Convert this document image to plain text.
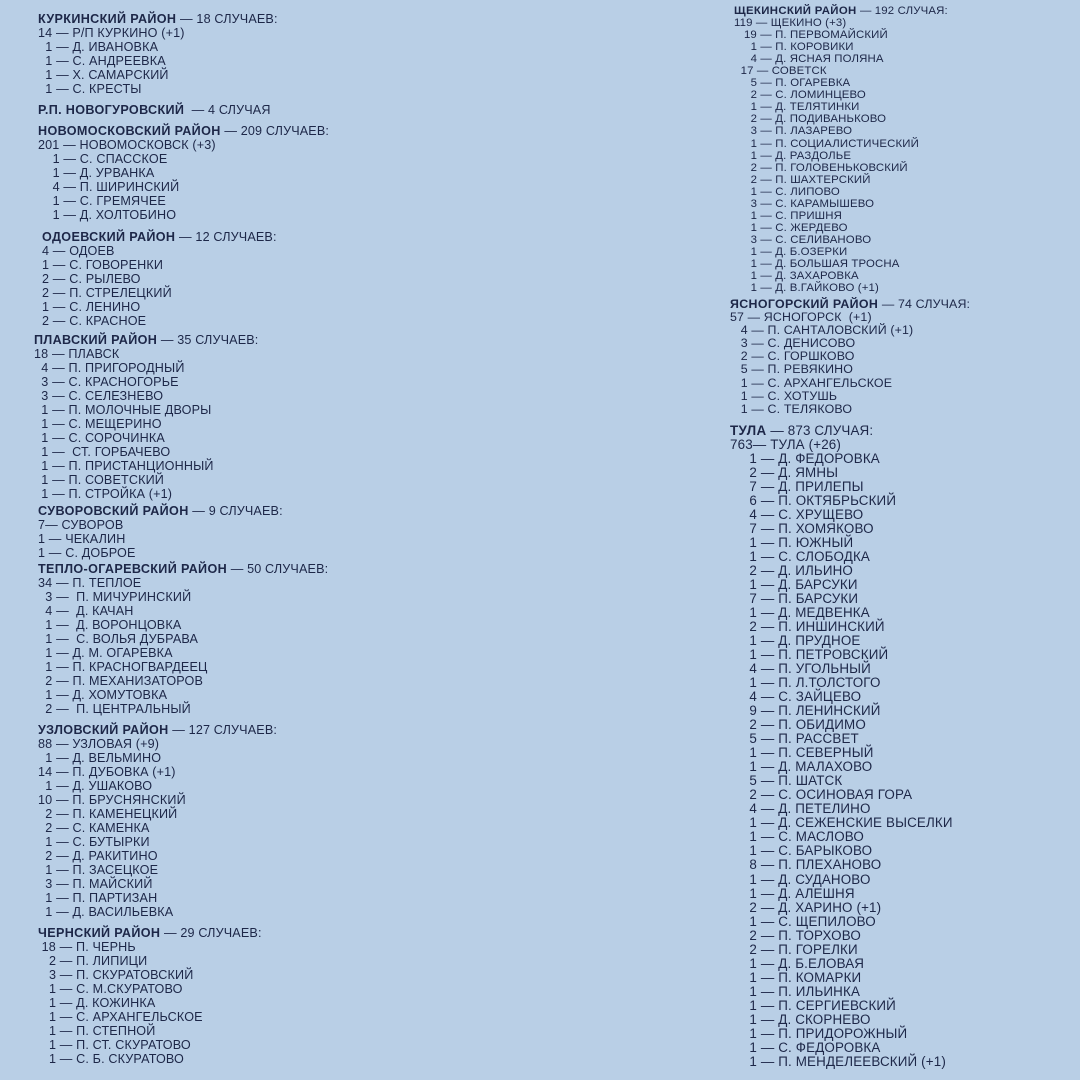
КУРКИНСКИЙ РАЙОН — 18 СЛУЧАЕВ:
14 — Р/П КУРКИНО (+1)
1 — Д. ИВАНОВКА
1 — С. АНДРЕЕВКА
1 — Х. САМАРСКИЙ
1 — С. КРЕСТЫ
Р.П. НОВОГУРОВСКИЙ  — 4 СЛУЧАЯ
НОВОМОСКОВСКИЙ РАЙОН — 209 СЛУЧАЕВ:
201 — НОВОМОСКОВСК (+3)
1 — С. СПАССКОЕ
1 — Д. УРВАНКА
4 — П. ШИРИНСКИЙ
1 — С. ГРЕМЯЧЕЕ
1 — Д. ХОЛТОБИНО
ОДОЕВСКИЙ РАЙОН — 12 СЛУЧАЕВ:
4 — ОДОЕВ
1 — С. ГОВОРЕНКИ
2 — С. РЫЛЕВО
2 — П. СТРЕЛЕЦКИЙ
1 — С. ЛЕНИНО
2 — С. КРАСНОЕ
ПЛАВСКИЙ РАЙОН — 35 СЛУЧАЕВ:
18 — ПЛАВСК
4 — П. ПРИГОРОДНЫЙ
3 — С. КРАСНОГОРЬЕ
3 — С. СЕЛЕЗНЕВО
1 — П. МОЛОЧНЫЕ ДВОРЫ
1 — С. МЕЩЕРИНО
1 — С. СОРОЧИНКА
1 —  СТ. ГОРБАЧЕВО
1 — П. ПРИСТАНЦИОННЫЙ
1 — П. СОВЕТСКИЙ
1 — П. СТРОЙКА (+1)
СУВОРОВСКИЙ РАЙОН — 9 СЛУЧАЕВ:
7— СУВОРОВ
1 — ЧЕКАЛИН
1 — С. ДОБРОЕ
ТЕПЛО-ОГАРЕВСКИЙ РАЙОН — 50 СЛУЧАЕВ:
34 — П. ТЕПЛОЕ
3 —  П. МИЧУРИНСКИЙ
4 —  Д. КАЧАН
1 —  Д. ВОРОНЦОВКА
1 —  С. ВОЛЬЯ ДУБРАВА
1 — Д. М. ОГАРЕВКА
1 — П. КРАСНОГВАРДЕЕЦ
2 — П. МЕХАНИЗАТОРОВ
1 — Д. ХОМУТОВКА
2 —  П. ЦЕНТРАЛЬНЫЙ
УЗЛОВСКИЙ РАЙОН — 127 СЛУЧАЕВ:
88 — УЗЛОВАЯ (+9)
1 — Д. ВЕЛЬМИНО
14 — П. ДУБОВКА (+1)
1 — Д. УШАКОВО
10 — П. БРУСНЯНСКИЙ
2 — П. КАМЕНЕЦКИЙ
2 — С. КАМЕНКА
1 — С. БУТЫРКИ
2 — Д. РАКИТИНО
1 — П. ЗАСЕЦКОЕ
3 — П. МАЙСКИЙ
1 — П. ПАРТИЗАН
1 — Д. ВАСИЛЬЕВКА
ЧЕРНСКИЙ РАЙОН — 29 СЛУЧАЕВ:
18 — П. ЧЕРНЬ
2 — П. ЛИПИЦИ
3 — П. СКУРАТОВСКИЙ
1 — С. М.СКУРАТОВО
1 — Д. КОЖИНКА
1 — С. АРХАНГЕЛЬСКОЕ
1 — П. СТЕПНОЙ
1 — П. СТ. СКУРАТОВО
1 — С. Б. СКУРАТОВО
ЩЕКИНСКИЙ РАЙОН — 192 СЛУЧАЯ:
119 — ЩЕКИНО (+3)
19 — П. ПЕРВОМАЙСКИЙ
1 — П. КОРОВИКИ
4 — Д. ЯСНАЯ ПОЛЯНА
17 — СОВЕТСК
5 — П. ОГАРЕВКА
2 — С. ЛОМИНЦЕВО
1 — Д. ТЕЛЯТИНКИ
2 — Д. ПОДИВАНЬКОВО
3 — П. ЛАЗАРЕВО
1 — П. СОЦИАЛИСТИЧЕСКИЙ
1 — Д. РАЗДОЛЬЕ
2 — П. ГОЛОВЕНЬКОВСКИЙ
2 — П. ШАХТЕРСКИЙ
1 — С. ЛИПОВО
3 — С. КАРАМЫШЕВО
1 — С. ПРИШНЯ
1 — С. ЖЕРДЕВО
3 — С. СЕЛИВАНОВО
1 — Д. Б.ОЗЕРКИ
1 — Д. БОЛЬШАЯ ТРОСНА
1 — Д. ЗАХАРОВКА
1 — Д. В.ГАЙКОВО (+1)
ЯСНОГОРСКИЙ РАЙОН — 74 СЛУЧАЯ:
57 — ЯСНОГОРСК  (+1)
4 — П. САНТАЛОВСКИЙ (+1)
3 — С. ДЕНИСОВО
2 — С. ГОРШКОВО
5 — П. РЕВЯКИНО
1 — С. АРХАНГЕЛЬСКОЕ
1 — С. ХОТУШЬ
1 — С. ТЕЛЯКОВО
ТУЛА — 873 СЛУЧАЯ:
763— ТУЛА (+26)
1 — Д. ФЕДОРОВКА
2 — Д. ЯМНЫ
7 — Д. ПРИЛЕПЫ
6 — П. ОКТЯБРЬСКИЙ
4 — С. ХРУЩЕВО
7 — П. ХОМЯКОВО
1 — П. ЮЖНЫЙ
1 — С. СЛОБОДКА
2 — Д. ИЛЬИНО
1 — Д. БАРСУКИ
7 — П. БАРСУКИ
1 — Д. МЕДВЕНКА
2 — П. ИНШИНСКИЙ
1 — Д. ПРУДНОЕ
1 — П. ПЕТРОВСКИЙ
4 — П. УГОЛЬНЫЙ
1 — П. Л.ТОЛСТОГО
4 — С. ЗАЙЦЕВО
9 — П. ЛЕНИНСКИЙ
2 — П. ОБИДИМО
5 — П. РАССВЕТ
1 — П. СЕВЕРНЫЙ
1 — Д. МАЛАХОВО
5 — П. ШАТСК
2 — С. ОСИНОВАЯ ГОРА
4 — Д. ПЕТЕЛИНО
1 — Д. СЕЖЕНСКИЕ ВЫСЕЛКИ
1 — С. МАСЛОВО
1 — С. БАРЫКОВО
8 — П. ПЛЕХАНОВО
1 — Д. СУДАНОВО
1 — Д. АЛЕШНЯ
2 — Д. ХАРИНО (+1)
1 — С. ЩЕПИЛОВО
2 — П. ТОРХОВО
2 — П. ГОРЕЛКИ
1 — Д. Б.ЕЛОВАЯ
1 — П. КОМАРКИ
1 — П. ИЛЬИНКА
1 — П. СЕРГИЕВСКИЙ
1 — Д. СКОРНЕВО
1 — П. ПРИДОРОЖНЫЙ
1 — С. ФЕДОРОВКА
1 — П. МЕНДЕЛЕЕВСКИЙ (+1)
